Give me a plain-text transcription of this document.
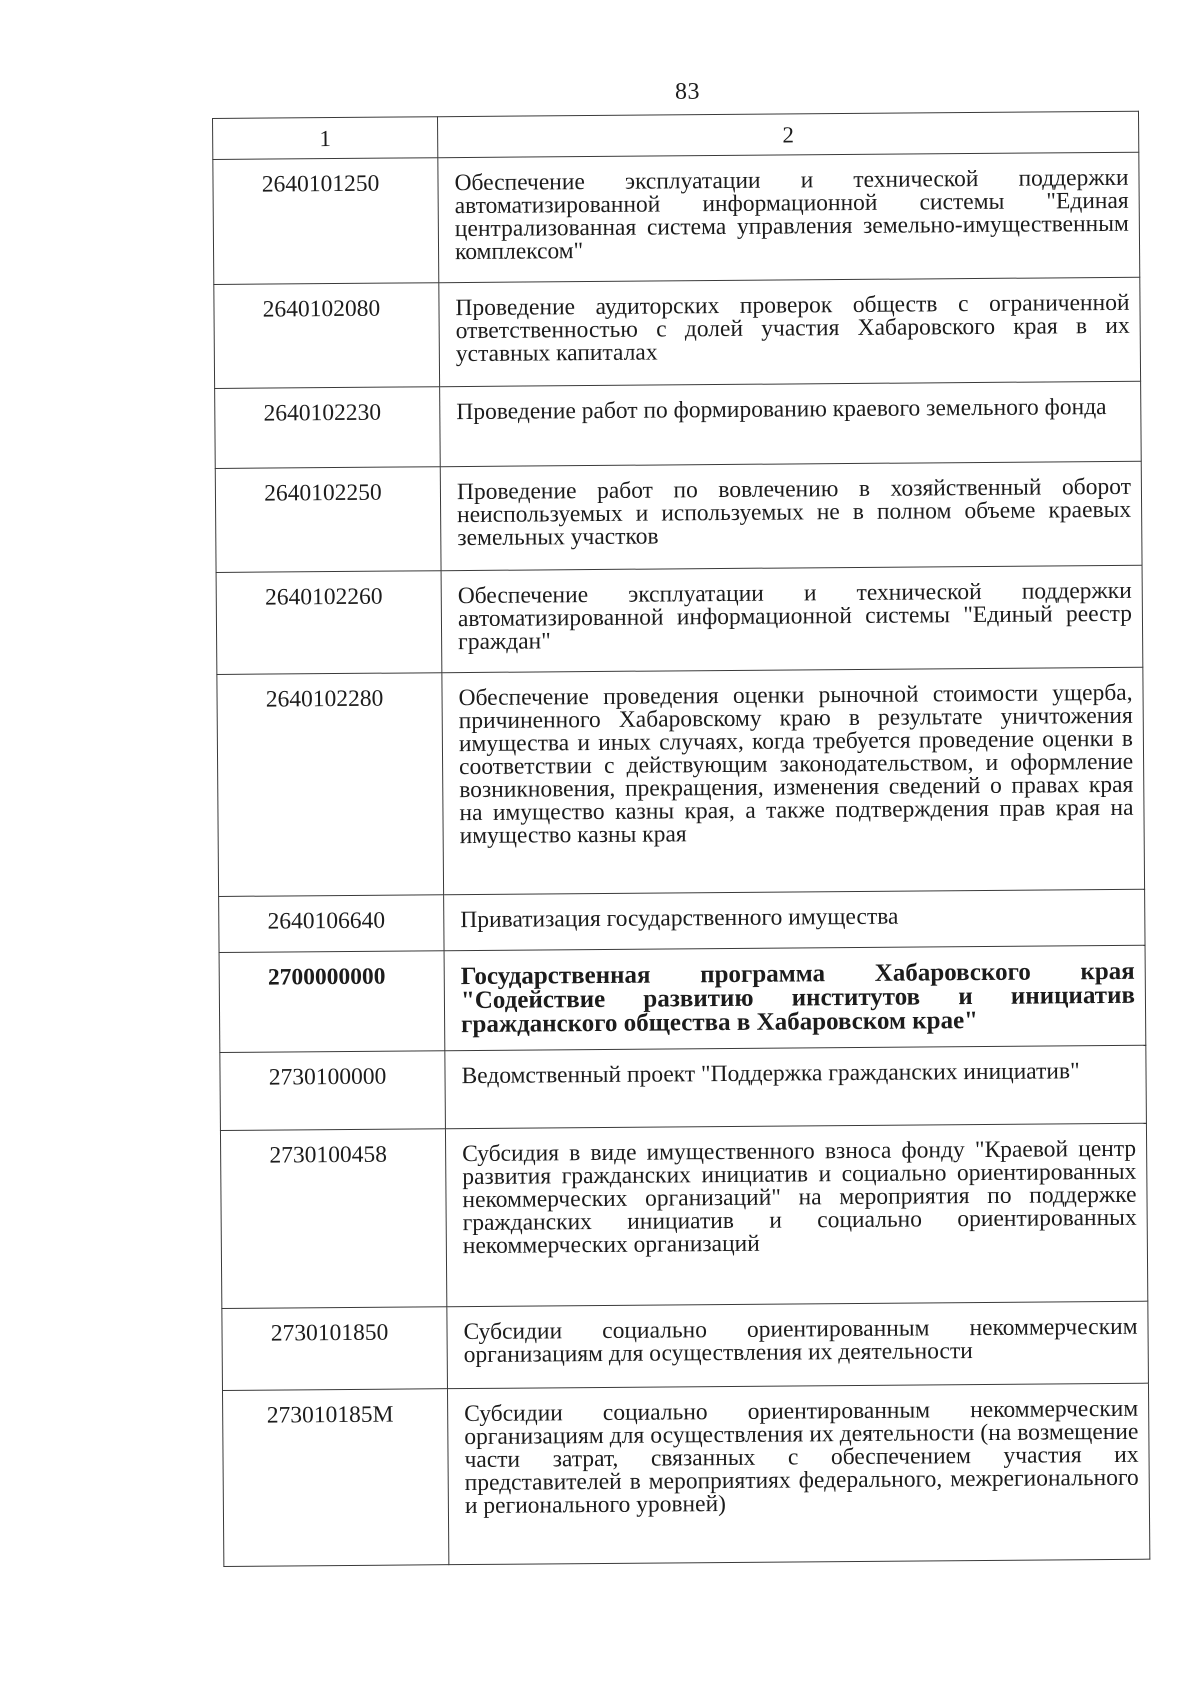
83
1	2
2640101250	Обеспечение эксплуатации и технической поддержки автоматизированной информационной системы "Единая централизованная система управления земельно-имущественным комплексом"
2640102080	Проведение аудиторских проверок обществ с ограниченной ответственностью с долей участия Хабаровского края в их уставных капиталах
2640102230	Проведение работ по формированию краевого земельного фонда
2640102250	Проведение работ по вовлечению в хозяйственный оборот неиспользуемых и используемых не в полном объеме краевых земельных участков
2640102260	Обеспечение эксплуатации и технической поддержки автоматизированной информационной системы "Единый реестр граждан"
2640102280	Обеспечение проведения оценки рыночной стоимости ущерба, причиненного Хабаровскому краю в результате уничтожения имущества и иных случаях, когда требуется проведение оценки в соответствии с действующим законодательством, и оформление возникновения, прекращения, изменения сведений о правах края на имущество казны края, а также подтверждения прав края на имущество казны края
2640106640	Приватизация государственного имущества
2700000000	Государственная программа Хабаровского края "Содействие развитию институтов и инициатив гражданского общества в Хабаровском крае"
2730100000	Ведомственный проект "Поддержка гражданских инициатив"
2730100458	Субсидия в виде имущественного взноса фонду "Краевой центр развития гражданских инициатив и социально ориентированных некоммерческих организаций" на мероприятия по поддержке гражданских инициатив и социально ориентированных некоммерческих организаций
2730101850	Субсидии социально ориентированным некоммерческим организациям для осуществления их деятельности
273010185М	Субсидии социально ориентированным некоммерческим организациям для осуществления их деятельности (на возмещение части затрат, связанных с обеспечением участия их представителей в мероприятиях федерального, межрегионального и регионального уровней)
